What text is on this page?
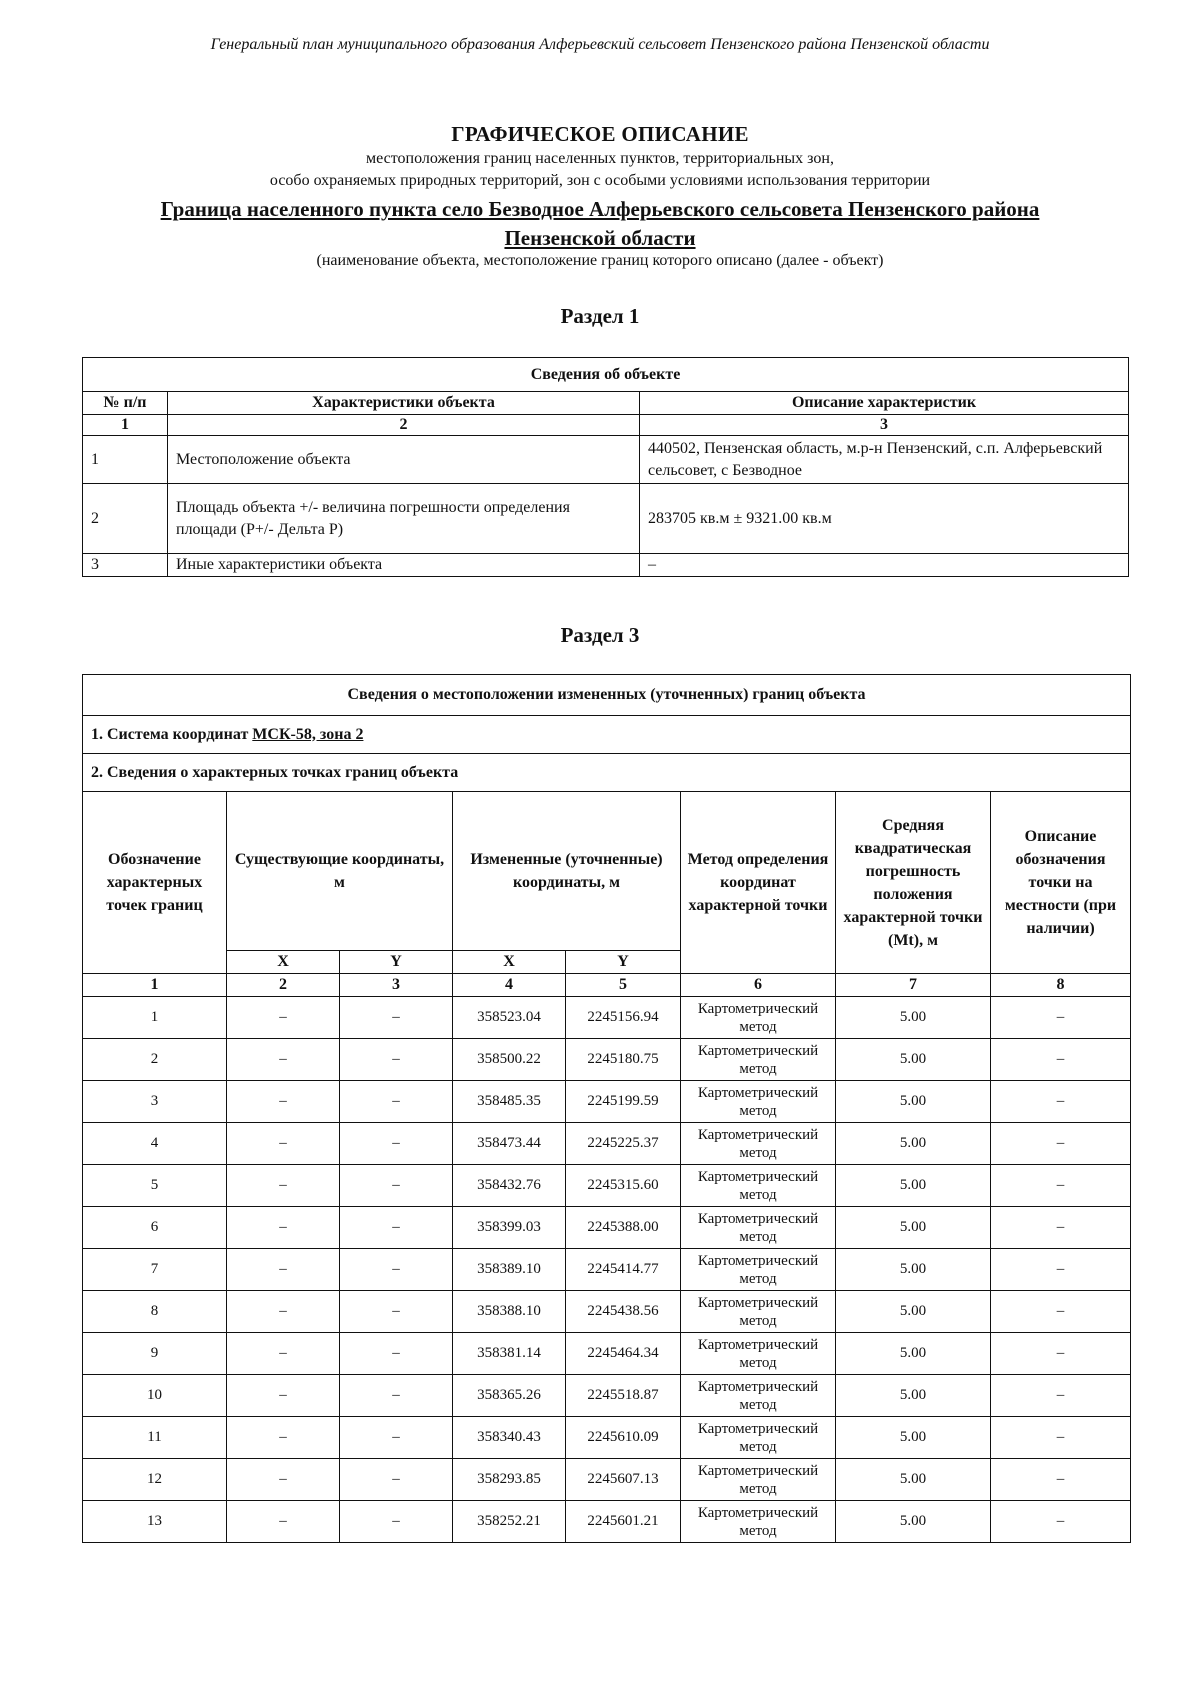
Генеральный план муниципального образования Алферьевский сельсовет Пензенского района Пензенской области
ГРАФИЧЕСКОЕ ОПИСАНИЕ
местоположения границ населенных пунктов, территориальных зон,
особо охраняемых природных территорий, зон с особыми условиями использования территории
Граница населенного пункта село Безводное Алферьевского сельсовета Пензенского района
Пензенской области
(наименование объекта, местоположение границ которого описано (далее - объект)
Раздел 1
Сведения об объекте		
№ п/п	Характеристики объекта	Описание характеристик
1	2	3
1	Местоположение объекта	440502, Пензенская область, м.р-н Пензенский, с.п. Алферьевский сельсовет, с Безводное
2	Площадь объекта +/- величина погрешности определения площади (P+/- Дельта P)	283705 кв.м ± 9321.00 кв.м
3	Иные характеристики объекта	–
Раздел 3
Сведения о местоположении измененных (уточненных) границ объекта							
1. Система координат МСК-58, зона 2							
2. Сведения о характерных точках границ объекта							
Обозначение характерных точек границ	Существующие координаты, м		Измененные (уточненные) координаты, м		Метод определения координат характерной точки	Средняя квадратическая погрешность положения характерной точки (Мt), м	Описание обозначения точки на местности (при наличии)
	X	Y	X	Y			
1	2	3	4	5	6	7	8
1	–	–	358523.04	2245156.94	Картометрический метод	5.00	–
2	–	–	358500.22	2245180.75	Картометрический метод	5.00	–
3	–	–	358485.35	2245199.59	Картометрический метод	5.00	–
4	–	–	358473.44	2245225.37	Картометрический метод	5.00	–
5	–	–	358432.76	2245315.60	Картометрический метод	5.00	–
6	–	–	358399.03	2245388.00	Картометрический метод	5.00	–
7	–	–	358389.10	2245414.77	Картометрический метод	5.00	–
8	–	–	358388.10	2245438.56	Картометрический метод	5.00	–
9	–	–	358381.14	2245464.34	Картометрический метод	5.00	–
10	–	–	358365.26	2245518.87	Картометрический метод	5.00	–
11	–	–	358340.43	2245610.09	Картометрический метод	5.00	–
12	–	–	358293.85	2245607.13	Картометрический метод	5.00	–
13	–	–	358252.21	2245601.21	Картометрический метод	5.00	–
